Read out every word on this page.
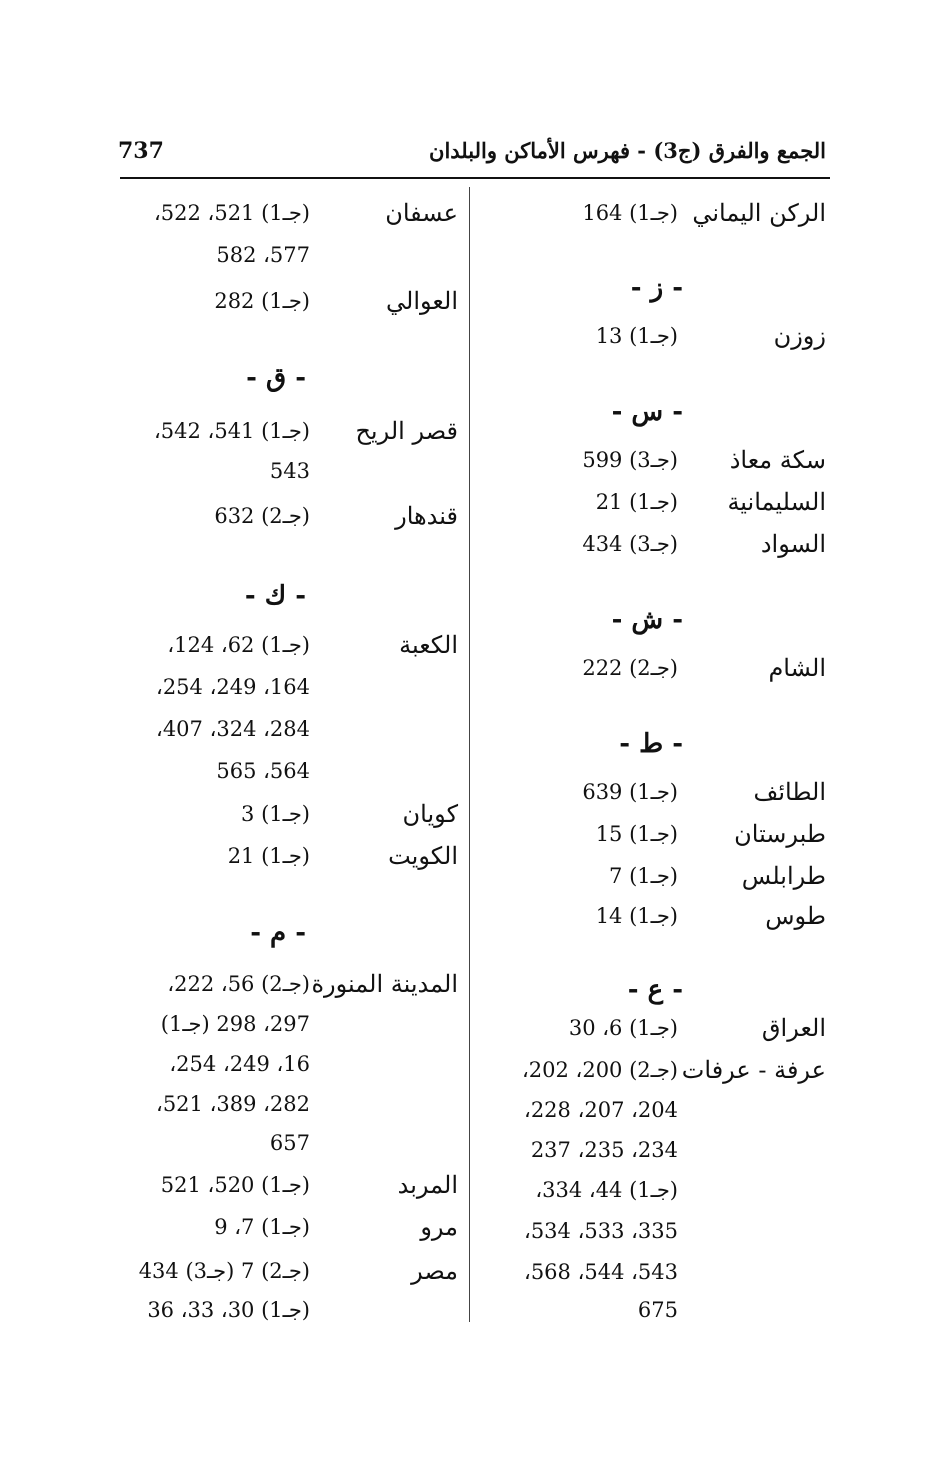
الجمع والفرق (ج3) - فهرس الأماكن والبلدان
737
الركن اليماني
(جـ1) 164
- ز -
زوزن
(جـ1) 13
- س -
سكة معاذ
(جـ3) 599
السليمانية
(جـ1) 21
السواد
(جـ3) 434
- ش -
الشام
(جـ2) 222
- ط -
الطائف
(جـ1) 639
طبرستان
(جـ1) 15
طرابلس
(جـ1) 7
طوس
(جـ1) 14
- ع -
العراق
(جـ1) 6، 30
عرفة - عرفات
(جـ2) 200، 202،
204، 207، 228،
234، 235، 237
(جـ1) 44، 334،
335، 533، 534،
543، 544، 568،
675
عسفان
(جـ1) 521، 522،
577، 582
العوالي
(جـ1) 282
- ق -
قصر الريح
(جـ1) 541، 542،
543
قندهار
(جـ2) 632
- ك -
الكعبة
(جـ1) 62، 124،
164، 249، 254،
284، 324، 407،
564، 565
كويان
(جـ1) 3
الكويت
(جـ1) 21
- م -
المدينة المنورة
(جـ2) 56، 222،
297، 298 (جـ1)
16، 249، 254،
282، 389، 521،
657
المربد
(جـ1) 520، 521
مرو
(جـ1) 7، 9
مصر
(جـ2) 7 (جـ3) 434
(جـ1) 30، 33، 36
